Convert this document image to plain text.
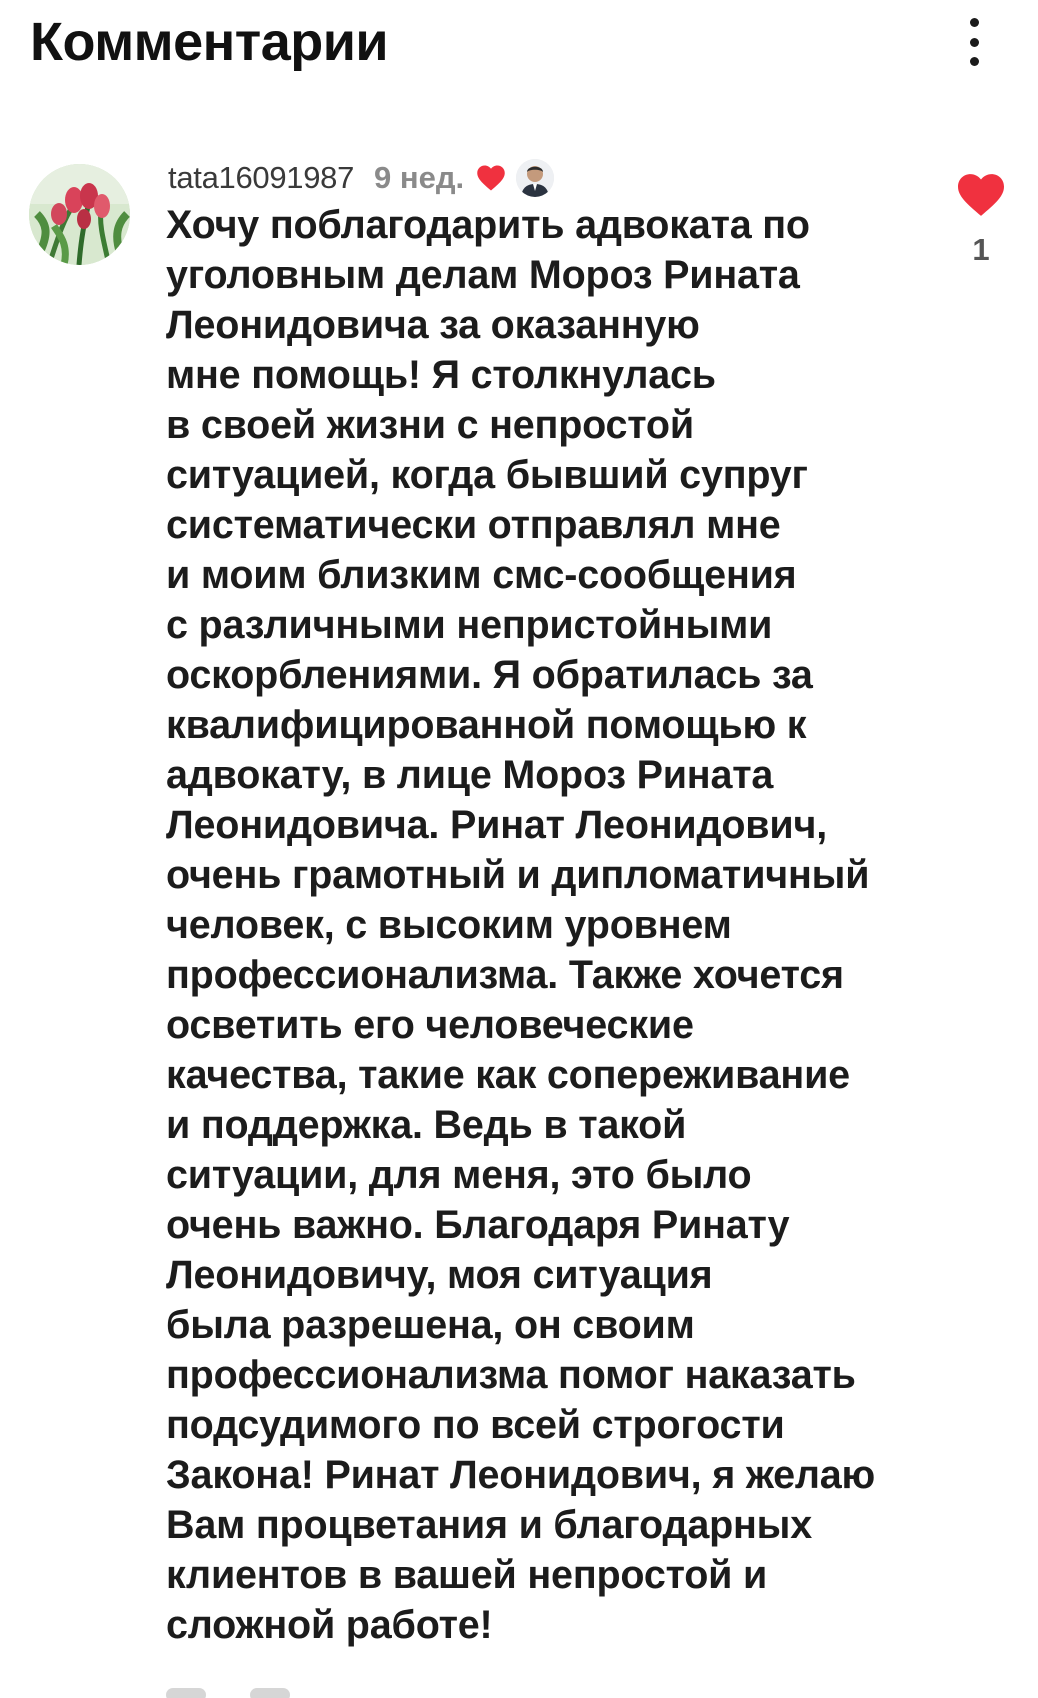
Комментарии
tata16091987 9 нед.
Хочу поблагодарить адвоката по
уголовным делам Мороз Рината
Леонидовича за оказанную
мне помощь! Я столкнулась
в своей жизни с непростой
ситуацией, когда бывший супруг
систематически отправлял мне
и моим близким смс-сообщения
с различными непристойными
оскорблениями. Я обратилась за
квалифицированной помощью к
адвокату, в лице Мороз Рината
Леонидовича. Ринат Леонидович,
очень грамотный и дипломатичный
человек, с высоким уровнем
профессионализма. Также хочется
осветить его человеческие
качества, такие как сопереживание
и поддержка. Ведь в такой
ситуации, для меня, это было
очень важно. Благодаря Ринату
Леонидовичу, моя ситуация
была разрешена, он своим
профессионализма помог наказать
подсудимого по всей строгости
Закона! Ринат Леонидович, я желаю
Вам процветания и благодарных
клиентов в вашей непростой и
сложной работе!
1
